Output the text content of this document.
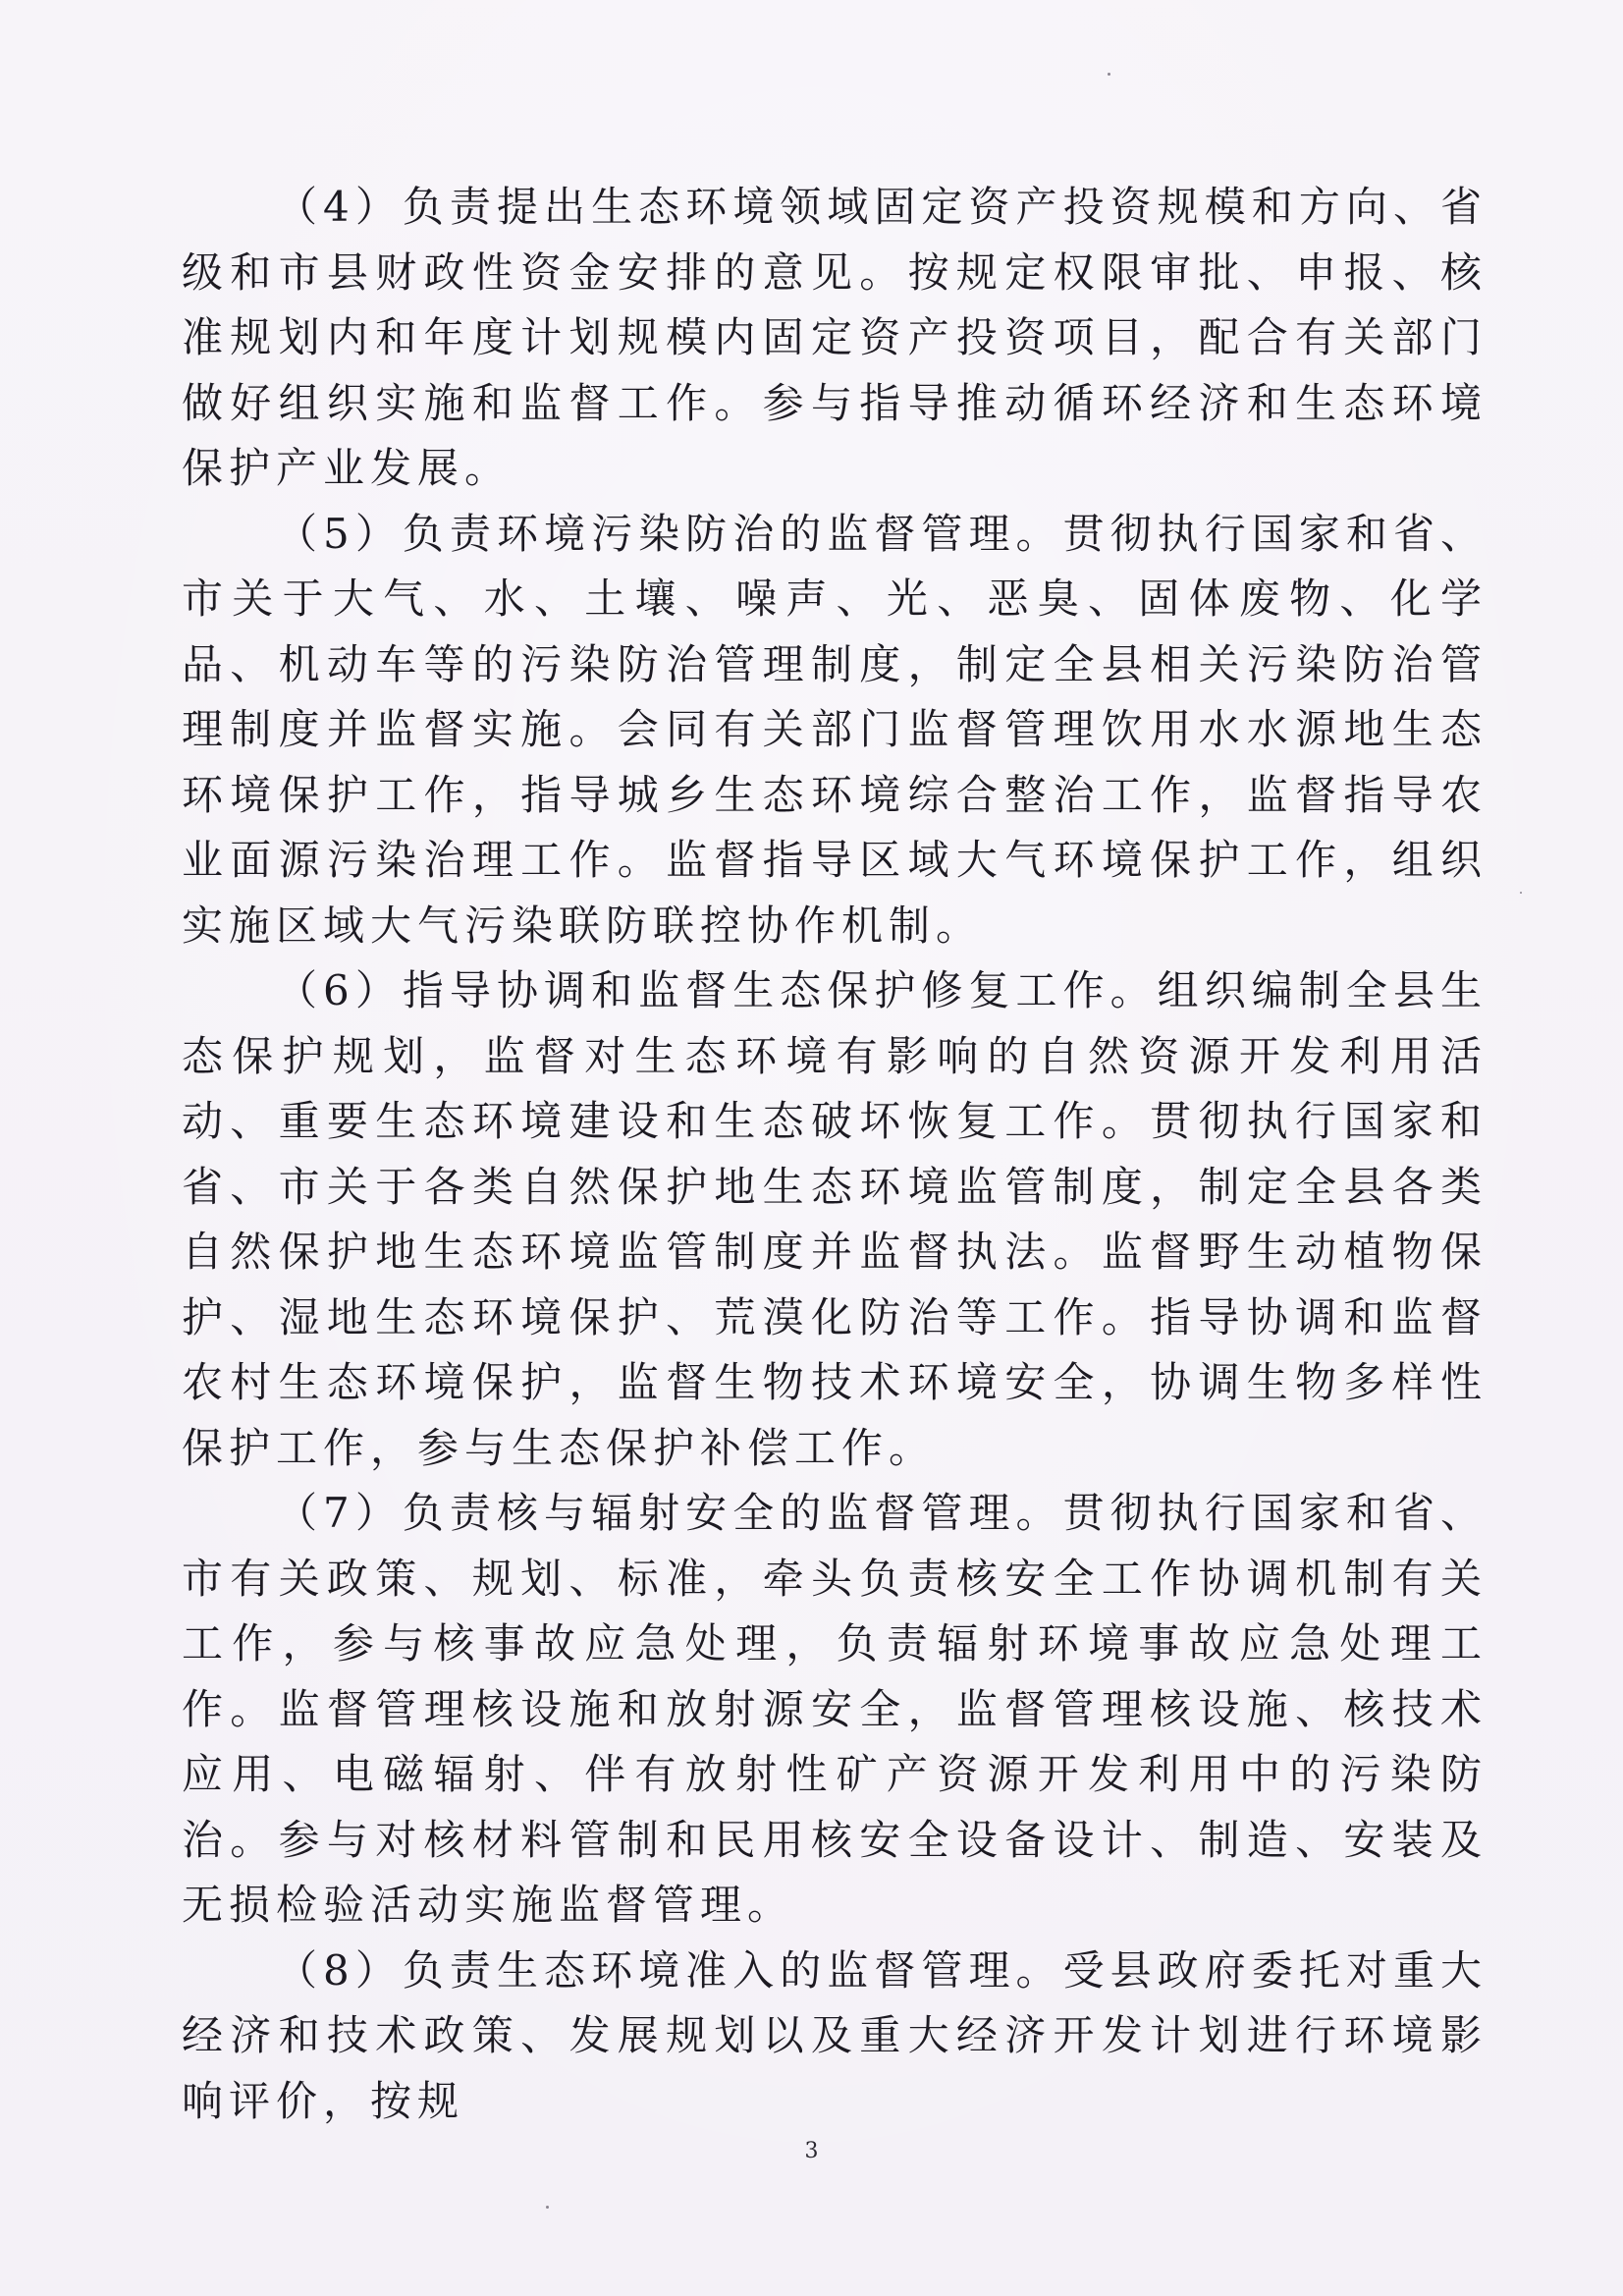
（4）负责提出生态环境领域固定资产投资规模和方向、省级和市县财政性资金安排的意见。按规定权限审批、申报、核准规划内和年度计划规模内固定资产投资项目，配合有关部门做好组织实施和监督工作。参与指导推动循环经济和生态环境保护产业发展。

（5）负责环境污染防治的监督管理。贯彻执行国家和省、市关于大气、水、土壤、噪声、光、恶臭、固体废物、化学品、机动车等的污染防治管理制度，制定全县相关污染防治管理制度并监督实施。会同有关部门监督管理饮用水水源地生态环境保护工作，指导城乡生态环境综合整治工作，监督指导农业面源污染治理工作。监督指导区域大气环境保护工作，组织实施区域大气污染联防联控协作机制。

（6）指导协调和监督生态保护修复工作。组织编制全县生态保护规划，监督对生态环境有影响的自然资源开发利用活动、重要生态环境建设和生态破坏恢复工作。贯彻执行国家和省、市关于各类自然保护地生态环境监管制度，制定全县各类自然保护地生态环境监管制度并监督执法。监督野生动植物保护、湿地生态环境保护、荒漠化防治等工作。指导协调和监督农村生态环境保护，监督生物技术环境安全，协调生物多样性保护工作，参与生态保护补偿工作。

（7）负责核与辐射安全的监督管理。贯彻执行国家和省、市有关政策、规划、标准，牵头负责核安全工作协调机制有关工作，参与核事故应急处理，负责辐射环境事故应急处理工作。监督管理核设施和放射源安全，监督管理核设施、核技术应用、电磁辐射、伴有放射性矿产资源开发利用中的污染防治。参与对核材料管制和民用核安全设备设计、制造、安装及无损检验活动实施监督管理。

（8）负责生态环境准入的监督管理。受县政府委托对重大经济和技术政策、发展规划以及重大经济开发计划进行环境影响评价，按规

3
